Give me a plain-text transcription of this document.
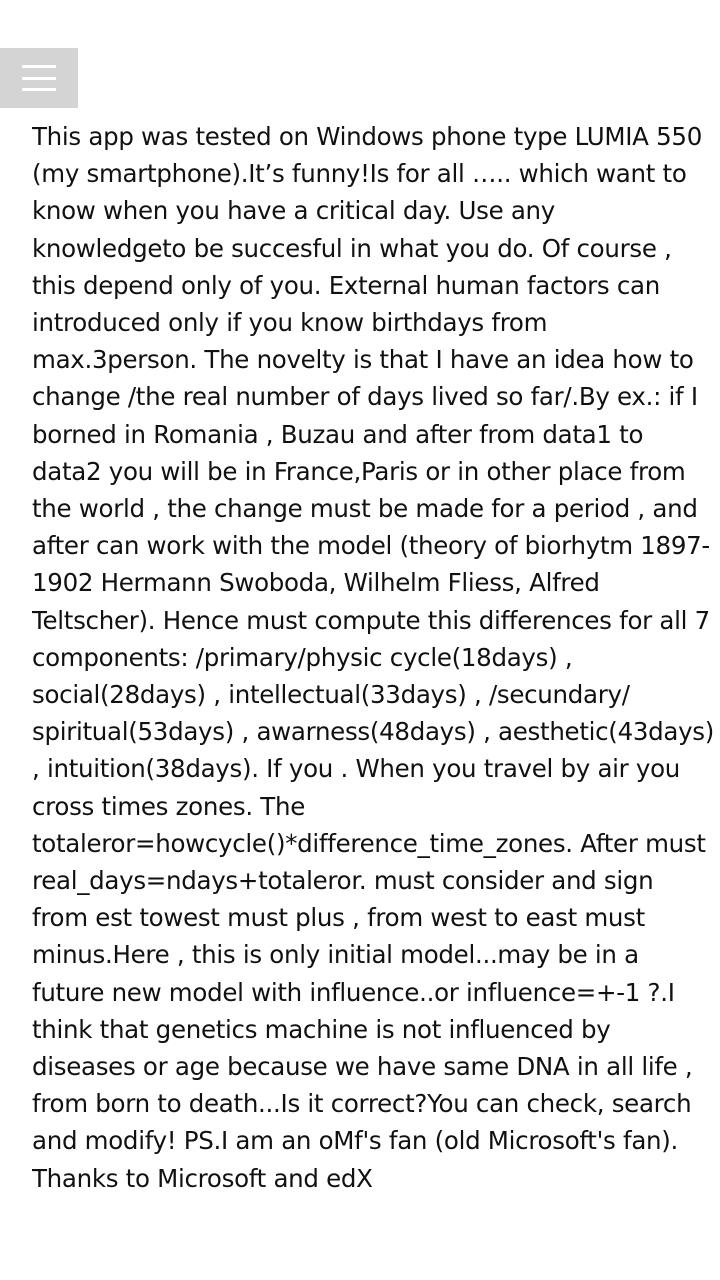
This app was tested on Windows phone type LUMIA 550 (my smartphone).It’s funny!Is for all ….. which want to know when you have a critical day. Use any knowledgeto be succesful in what you do. Of course , this depend only of you. External human factors can introduced only if you know birthdays from max.3person. The novelty is that I have an idea how to change /the real number of days lived so far/.By ex.: if I borned in Romania , Buzau and after from data1 to data2 you will be in France,Paris or in other place from the world , the change must be made for a period , and after can work with the model (theory of biorhytm 1897-1902 Hermann Swoboda, Wilhelm Fliess, Alfred Teltscher). Hence must compute this differences for all 7 components: /primary/physic cycle(18days) , social(28days) , intellectual(33days) , /secundary/ spiritual(53days) , awarness(48days) , aesthetic(43days) , intuition(38days). If you . When you travel by air you cross times zones. The totaleror=howcycle()*difference_time_zones. After must real_days=ndays+totaleror. must consider and sign from est towest must plus , from west to east must minus.Here , this is only initial model...may be in a future new model with influence..or influence=+-1 ?.I think that genetics machine is not influenced by diseases or age because we have same DNA in all life , from born to death...Is it correct?You can check, search and modify! PS.I am an oMf's fan (old Microsoft's fan). Thanks to Microsoft and edX
